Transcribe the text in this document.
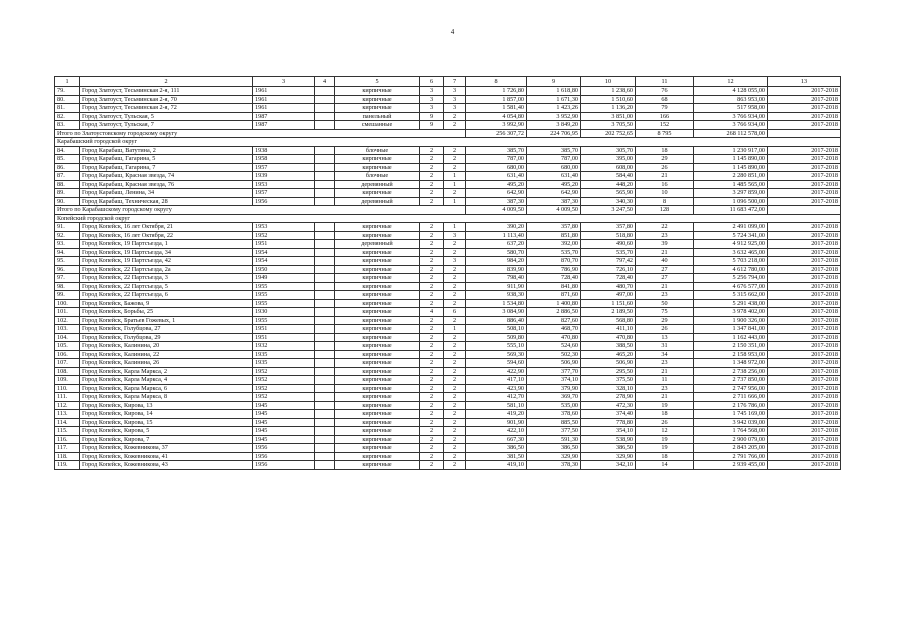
4
1	2	3	4	5	6	7	8	9	10	11	12	13
79.	Город Златоуст, Тесьминская 2-я, 111	1961		кирпичные	3	3	1 726,80	1 618,80	1 238,60	76	4 128 055,00	2017-2018
80.	Город Златоуст, Тесьминская 2-я, 70	1961		кирпичные	3	3	1 857,00	1 671,30	1 510,60	68	863 953,00	2017-2018
81.	Город Златоуст, Тесьминская 2-я, 72	1961		кирпичные	3	3	1 581,40	1 423,26	1 136,20	79	517 958,00	2017-2018
82.	Город Златоуст, Тульская, 5	1987		панельный	9	2	4 054,80	3 952,90	3 851,00	166	3 766 934,00	2017-2018
83.	Город Златоуст, Тульская, 7	1987		смешанные	9	2	3 992,90	3 849,20	3 705,50	152	3 766 934,00	2017-2018
Итого по Златоустовскому городскому округу							256 307,72	224 706,95	202 752,65	8 795	268 112 578,00	
Карабашский городской округ												
84.	Город Карабаш, Ватутина, 2	1938		блочные	2	2	385,70	385,70	305,70	18	1 230 917,00	2017-2018
85.	Город Карабаш, Гагарина, 5	1958		кирпичные	2	2	787,00	787,00	395,00	29	1 145 890,00	2017-2018
86.	Город Карабаш, Гагарина, 7	1957		кирпичные	2	2	680,00	680,00	608,00	26	1 145 890,00	2017-2018
87.	Город Карабаш, Красная звезда, 74	1939		блочные	2	1	631,40	631,40	584,40	21	2 280 851,00	2017-2018
88.	Город Карабаш, Красная звезда, 76	1953		деревянный	2	1	495,20	495,20	448,20	16	1 485 565,00	2017-2018
89.	Город Карабаш, Ленина, 34	1957		кирпичные	2	2	642,90	642,90	565,90	10	3 297 859,00	2017-2018
90.	Город Карабаш, Техническая, 28	1956		деревянный	2	1	387,30	387,30	340,30	8	1 096 500,00	2017-2018
Итого по Карабашскому городскому округу							4 009,50	4 009,50	3 247,50	128	11 683 472,00	
Копейский городской округ												
91.	Город Копейск, 16 лет Октября, 21	1953		кирпичные	2	1	390,20	357,80	357,80	22	2 491 099,00	2017-2018
92.	Город Копейск, 16 лет Октября, 22	1952		кирпичные	2	3	1 113,40	851,80	518,80	23	5 724 341,00	2017-2018
93.	Город Копейск, 19 Партсъезда, 1	1951		деревянный	2	2	637,20	392,00	490,60	39	4 912 925,00	2017-2018
94.	Город Копейск, 19 Партсъезда, 34	1954		кирпичные	2	2	580,70	535,70	535,70	21	3 632 465,00	2017-2018
95.	Город Копейск, 19 Партсъезда, 42	1954		кирпичные	2	3	984,20	870,70	797,42	40	5 703 218,00	2017-2018
96.	Город Копейск, 22 Партсъезда, 2а	1950		кирпичные	2	2	839,90	786,90	726,10	27	4 612 780,00	2017-2018
97.	Город Копейск, 22 Партсъезда, 3	1949		кирпичные	2	2	798,40	728,40	728,40	27	5 256 794,00	2017-2018
98.	Город Копейск, 22 Партсъезда, 5	1955		кирпичные	2	2	911,90	841,80	480,70	21	4 676 577,00	2017-2018
99.	Город Копейск, 22 Партсъезда, 6	1955		кирпичные	2	2	938,30	871,60	497,00	23	5 315 662,00	2017-2018
100.	Город Копейск, Бажова, 9	1955		кирпичные	2	2	1 534,80	1 400,80	1 151,60	50	5 291 438,00	2017-2018
101.	Город Копейск, Борьбы, 25	1930		кирпичные	4	6	3 084,90	2 886,50	2 189,50	75	3 978 402,00	2017-2018
102.	Город Копейск, Братьев Гожевых, 1	1955		кирпичные	2	2	886,40	827,60	568,80	29	1 900 326,00	2017-2018
103.	Город Копейск, Голубцова, 27	1951		кирпичные	2	1	508,10	468,70	411,10	26	1 347 841,00	2017-2018
104.	Город Копейск, Голубцова, 29	1951		кирпичные	2	2	509,80	470,80	470,80	13	1 162 443,00	2017-2018
105.	Город Копейск, Калинина, 20	1932		кирпичные	2	2	555,10	524,60	388,50	31	2 150 351,00	2017-2018
106.	Город Копейск, Калинина, 22	1935		кирпичные	2	2	569,30	502,30	465,20	34	2 158 953,00	2017-2018
107.	Город Копейск, Калинина, 26	1935		кирпичные	2	2	594,60	506,90	506,90	23	1 348 972,00	2017-2018
108.	Город Копейск, Карла Маркса, 2	1952		кирпичные	2	2	422,90	377,70	295,50	21	2 738 256,00	2017-2018
109.	Город Копейск, Карла Маркса, 4	1952		кирпичные	2	2	417,10	374,10	375,50	11	2 737 850,00	2017-2018
110.	Город Копейск, Карла Маркса, 6	1952		кирпичные	2	2	423,90	379,90	328,10	23	2 747 956,00	2017-2018
111.	Город Копейск, Карла Маркса, 8	1952		кирпичные	2	2	412,70	369,70	278,90	21	2 711 666,00	2017-2018
112.	Город Копейск, Кирова, 13	1945		кирпичные	2	2	581,10	535,00	472,30	19	2 176 786,00	2017-2018
113.	Город Копейск, Кирова, 14	1945		кирпичные	2	2	419,20	378,60	374,40	18	1 745 169,00	2017-2018
114.	Город Копейск, Кирова, 15	1945		кирпичные	2	2	901,90	885,50	778,80	26	3 942 039,00	2017-2018
115.	Город Копейск, Кирова, 5	1945		кирпичные	2	2	422,10	377,50	354,10	12	1 764 568,00	2017-2018
116.	Город Копейск, Кирова, 7	1945		кирпичные	2	2	667,30	591,30	538,90	19	2 900 079,00	2017-2018
117.	Город Копейск, Кожевникова, 37	1956		кирпичные	2	2	386,50	386,50	386,50	19	2 843 205,00	2017-2018
118.	Город Копейск, Кожевникова, 41	1956		кирпичные	2	2	381,50	329,90	329,90	18	2 791 766,00	2017-2018
119.	Город Копейск, Кожевникова, 43	1956		кирпичные	2	2	419,10	378,30	342,10	14	2 939 455,00	2017-2018
